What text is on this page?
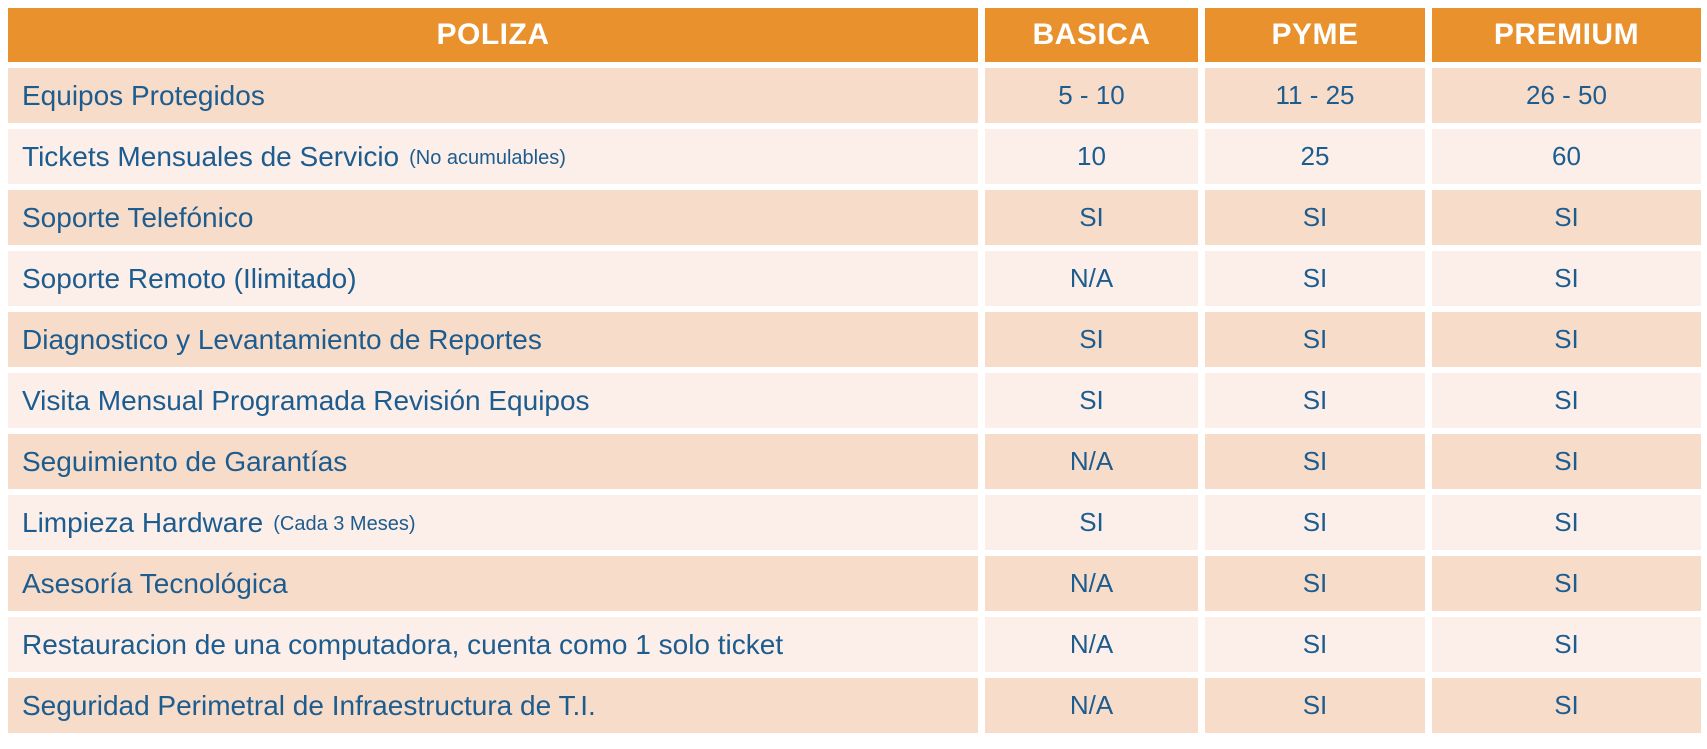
POLIZA	BASICA	PYME	PREMIUM
Equipos Protegidos	5 - 10	11 - 25	26 - 50
Tickets Mensuales de Servicio (No acumulables)	10	25	60
Soporte Telefónico	SI	SI	SI
Soporte Remoto (Ilimitado)	N/A	SI	SI
Diagnostico y Levantamiento de Reportes	SI	SI	SI
Visita Mensual Programada Revisión Equipos	SI	SI	SI
Seguimiento de Garantías	N/A	SI	SI
Limpieza Hardware (Cada 3 Meses)	SI	SI	SI
Asesoría Tecnológica	N/A	SI	SI
Restauracion de una computadora, cuenta como 1 solo ticket	N/A	SI	SI
Seguridad Perimetral de Infraestructura de T.I.	N/A	SI	SI
